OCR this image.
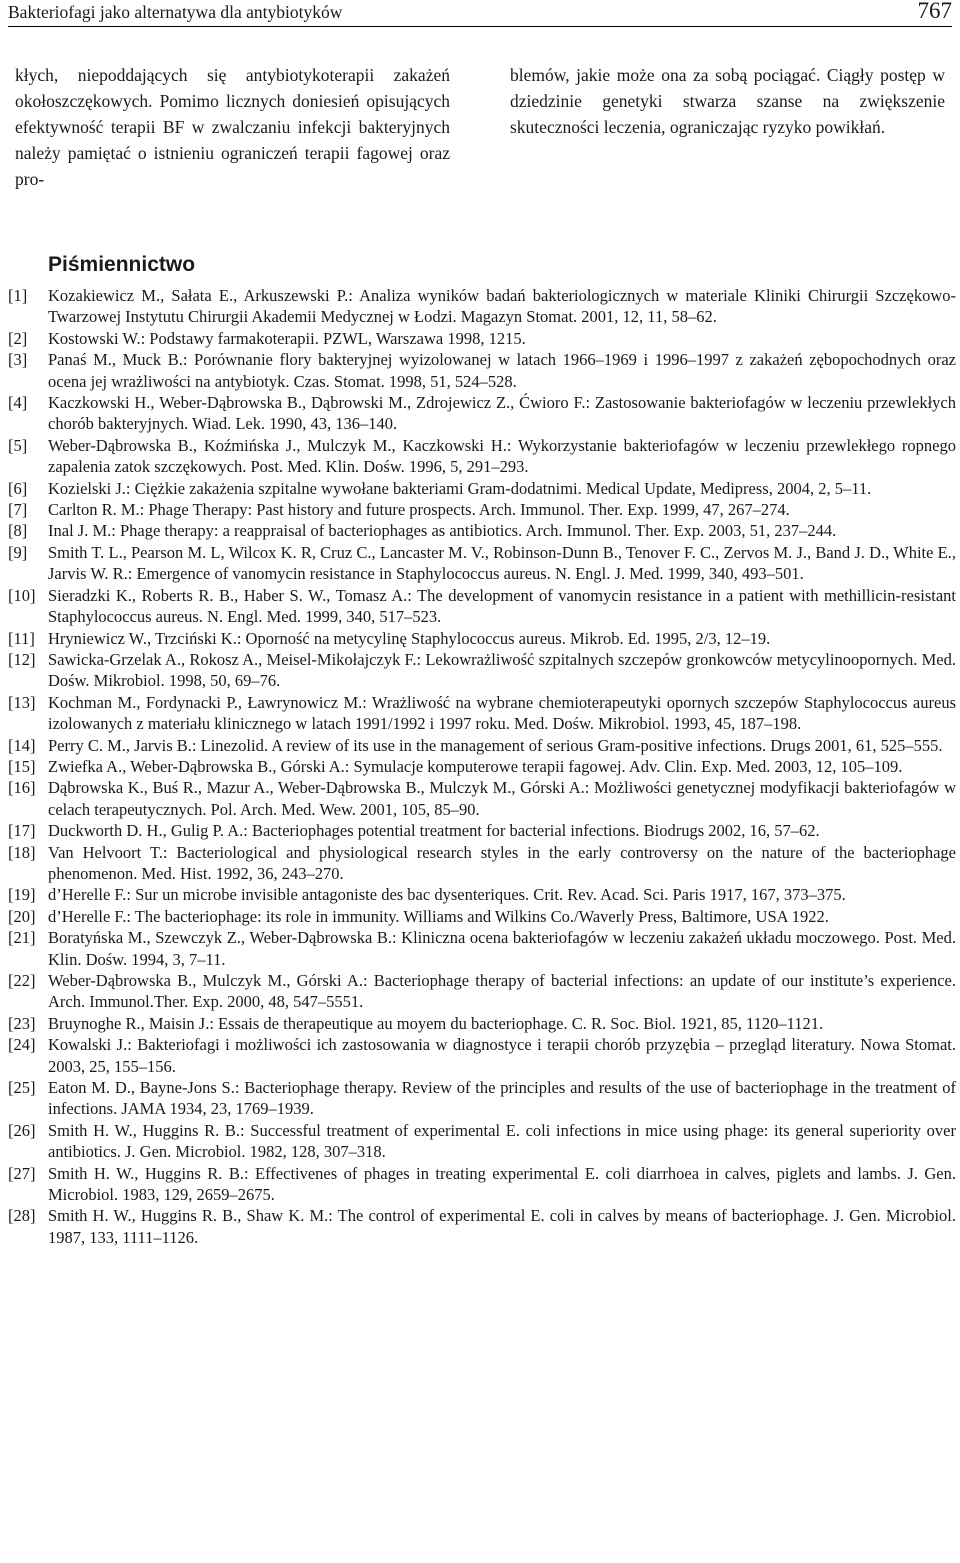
Bakteriofagi jako alternatywa dla antybiotyków	767
kłych, niepoddających się antybiotykoterapii zakażeń okołoszczękowych. Pomimo licznych doniesień opisujących efektywność terapii BF w zwalczaniu infekcji bakteryjnych należy pamiętać o istnieniu ograniczeń terapii fagowej oraz pro-
blemów, jakie może ona za sobą pociągać. Ciągły postęp w dziedzinie genetyki stwarza szanse na zwiększenie skuteczności leczenia, ograniczając ryzyko powikłań.
Piśmiennictwo
[1] Kozakiewicz M., Sałata E., Arkuszewski P.: Analiza wyników badań bakteriologicznych w materiale Kliniki Chirurgii Szczękowo-Twarzowej Instytutu Chirurgii Akademii Medycznej w Łodzi. Magazyn Stomat. 2001, 12, 11, 58–62.
[2] Kostowski W.: Podstawy farmakoterapii. PZWL, Warszawa 1998, 1215.
[3] Panaś M., Muck B.: Porównanie flory bakteryjnej wyizolowanej w latach 1966–1969 i 1996–1997 z zakażeń zębopochodnych oraz ocena jej wrażliwości na antybiotyk. Czas. Stomat. 1998, 51, 524–528.
[4] Kaczkowski H., Weber-Dąbrowska B., Dąbrowski M., Zdrojewicz Z., Ćwioro F.: Zastosowanie bakteriofagów w leczeniu przewlekłych chorób bakteryjnych. Wiad. Lek. 1990, 43, 136–140.
[5] Weber-Dąbrowska B., Koźmińska J., Mulczyk M., Kaczkowski H.: Wykorzystanie bakteriofagów w leczeniu przewlekłego ropnego zapalenia zatok szczękowych. Post. Med. Klin. Dośw. 1996, 5, 291–293.
[6] Kozielski J.: Ciężkie zakażenia szpitalne wywołane bakteriami Gram-dodatnimi. Medical Update, Medipress, 2004, 2, 5–11.
[7] Carlton R. M.: Phage Therapy: Past history and future prospects. Arch. Immunol. Ther. Exp. 1999, 47, 267–274.
[8] Inal J. M.: Phage therapy: a reappraisal of bacteriophages as antibiotics. Arch. Immunol. Ther. Exp. 2003, 51, 237–244.
[9] Smith T. L., Pearson M. L, Wilcox K. R, Cruz C., Lancaster M. V., Robinson-Dunn B., Tenover F. C., Zervos M. J., Band J. D., White E., Jarvis W. R.: Emergence of vanomycin resistance in Staphylococcus aureus. N. Engl. J. Med. 1999, 340, 493–501.
[10] Sieradzki K., Roberts R. B., Haber S. W., Tomasz A.: The development of vanomycin resistance in a patient with methillicin-resistant Staphylococcus aureus. N. Engl. Med. 1999, 340, 517–523.
[11] Hryniewicz W., Trzciński K.: Oporność na metycylinę Staphylococcus aureus. Mikrob. Ed. 1995, 2/3, 12–19.
[12] Sawicka-Grzelak A., Rokosz A., Meisel-Mikołajczyk F.: Lekowrażliwość szpitalnych szczepów gronkowców metycylinoopornych. Med. Dośw. Mikrobiol. 1998, 50, 69–76.
[13] Kochman M., Fordynacki P., Ławrynowicz M.: Wrażliwość na wybrane chemioterapeutyki opornych szczepów Staphylococcus aureus izolowanych z materiału klinicznego w latach 1991/1992 i 1997 roku. Med. Dośw. Mikrobiol. 1993, 45, 187–198.
[14] Perry C. M., Jarvis B.: Linezolid. A review of its use in the management of serious Gram-positive infections. Drugs 2001, 61, 525–555.
[15] Zwiefka A., Weber-Dąbrowska B., Górski A.: Symulacje komputerowe terapii fagowej. Adv. Clin. Exp. Med. 2003, 12, 105–109.
[16] Dąbrowska K., Buś R., Mazur A., Weber-Dąbrowska B., Mulczyk M., Górski A.: Możliwości genetycznej modyfikacji bakteriofagów w celach terapeutycznych. Pol. Arch. Med. Wew. 2001, 105, 85–90.
[17] Duckworth D. H., Gulig P. A.: Bacteriophages potential treatment for bacterial infections. Biodrugs 2002, 16, 57–62.
[18] Van Helvoort T.: Bacteriological and physiological research styles in the early controversy on the nature of the bacteriophage phenomenon. Med. Hist. 1992, 36, 243–270.
[19] d’Herelle F.: Sur un microbe invisible antagoniste des bac dysenteriques. Crit. Rev. Acad. Sci. Paris 1917, 167, 373–375.
[20] d’Herelle F.: The bacteriophage: its role in immunity. Williams and Wilkins Co./Waverly Press, Baltimore, USA 1922.
[21] Boratyńska M., Szewczyk Z., Weber-Dąbrowska B.: Kliniczna ocena bakteriofagów w leczeniu zakażeń układu moczowego. Post. Med. Klin. Dośw. 1994, 3, 7–11.
[22] Weber-Dąbrowska B., Mulczyk M., Górski A.: Bacteriophage therapy of bacterial infections: an update of our institute’s experience. Arch. Immunol.Ther. Exp. 2000, 48, 547–5551.
[23] Bruynoghe R., Maisin J.: Essais de therapeutique au moyem du bacteriophage. C. R. Soc. Biol. 1921, 85, 1120–1121.
[24] Kowalski J.: Bakteriofagi i możliwości ich zastosowania w diagnostyce i terapii chorób przyzębia – przegląd literatury. Nowa Stomat. 2003, 25, 155–156.
[25] Eaton M. D., Bayne-Jons S.: Bacteriophage therapy. Review of the principles and results of the use of bacteriophage in the treatment of infections. JAMA 1934, 23, 1769–1939.
[26] Smith H. W., Huggins R. B.: Successful treatment of experimental E. coli infections in mice using phage: its general superiority over antibiotics. J. Gen. Microbiol. 1982, 128, 307–318.
[27] Smith H. W., Huggins R. B.: Effectivenes of phages in treating experimental E. coli diarrhoea in calves, piglets and lambs. J. Gen. Microbiol. 1983, 129, 2659–2675.
[28] Smith H. W., Huggins R. B., Shaw K. M.: The control of experimental E. coli in calves by means of bacteriophage. J. Gen. Microbiol. 1987, 133, 1111–1126.
